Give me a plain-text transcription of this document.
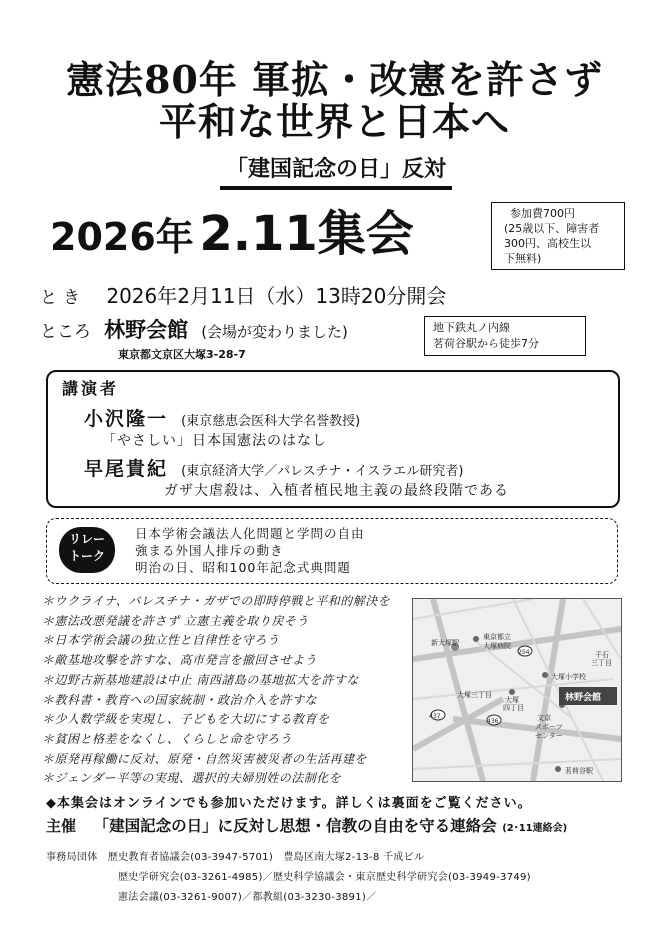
憲法80年 軍拡・改憲を許さず
平和な世界と日本へ
「建国記念の日」反対
2026年 2.11集会	参加費700円
(25歳以下、障害者
300円、高校生以
下無料)
とき 2026年2月11日（水）13時20分開会
ところ 林野会館 (会場が変わりました)
東京都文京区大塚3-28-7
地下鉄丸ノ内線
茗荷谷駅から徒歩7分
講演者
小沢隆一 (東京慈恵会医科大学名誉教授)
「やさしい」日本国憲法のはなし
早尾貴紀 (東京経済大学／パレスチナ・イスラエル研究者)
ガザ大虐殺は、入植者植民地主義の最終段階である
リレー
トーク
日本学術会議法人化問題と学問の自由
強まる外国人排斥の動き
明治の日、昭和100年記念式典問題
＊ウクライナ、パレスチナ・ガザでの即時停戦と平和的解決を
＊憲法改悪発議を許さず 立憲主義を取り戻そう
＊日本学術会議の独立性と自律性を守ろう
＊敵基地攻撃を許すな、高市発言を撤回させよう
＊辺野古新基地建設は中止 南西諸島の基地拡大を許すな
＊教科書・教育への国家統制・政治介入を許すな
＊少人数学級を実現し、子どもを大切にする教育を
＊貧困と格差をなくし、くらしと命を守ろう
＊原発再稼働に反対、原発・自然災害被災者の生活再建を
＊ジェンダー平等の実現、選択的夫婦別姓の法制化を
新大塚駅
東京都立
大塚病院
千石
三丁目
大塚小学校
大塚三丁目
大塚
四丁目
文京
スポーツ
センター
茗荷谷駅
437
436
254
林野会館
◆本集会はオンラインでも参加いただけます。詳しくは裏面をご覧ください。
主催 「建国記念の日」に反対し思想・信教の自由を守る連絡会 (2･11連絡会)
事務局団体　歴史教育者協議会(03-3947-5701)　豊島区南大塚2-13-8 千成ビル
歴史学研究会(03-3261-4985)／歴史科学協議会・東京歴史科学研究会(03-3949-3749)
憲法会議(03-3261-9007)／都教組(03-3230-3891)／
